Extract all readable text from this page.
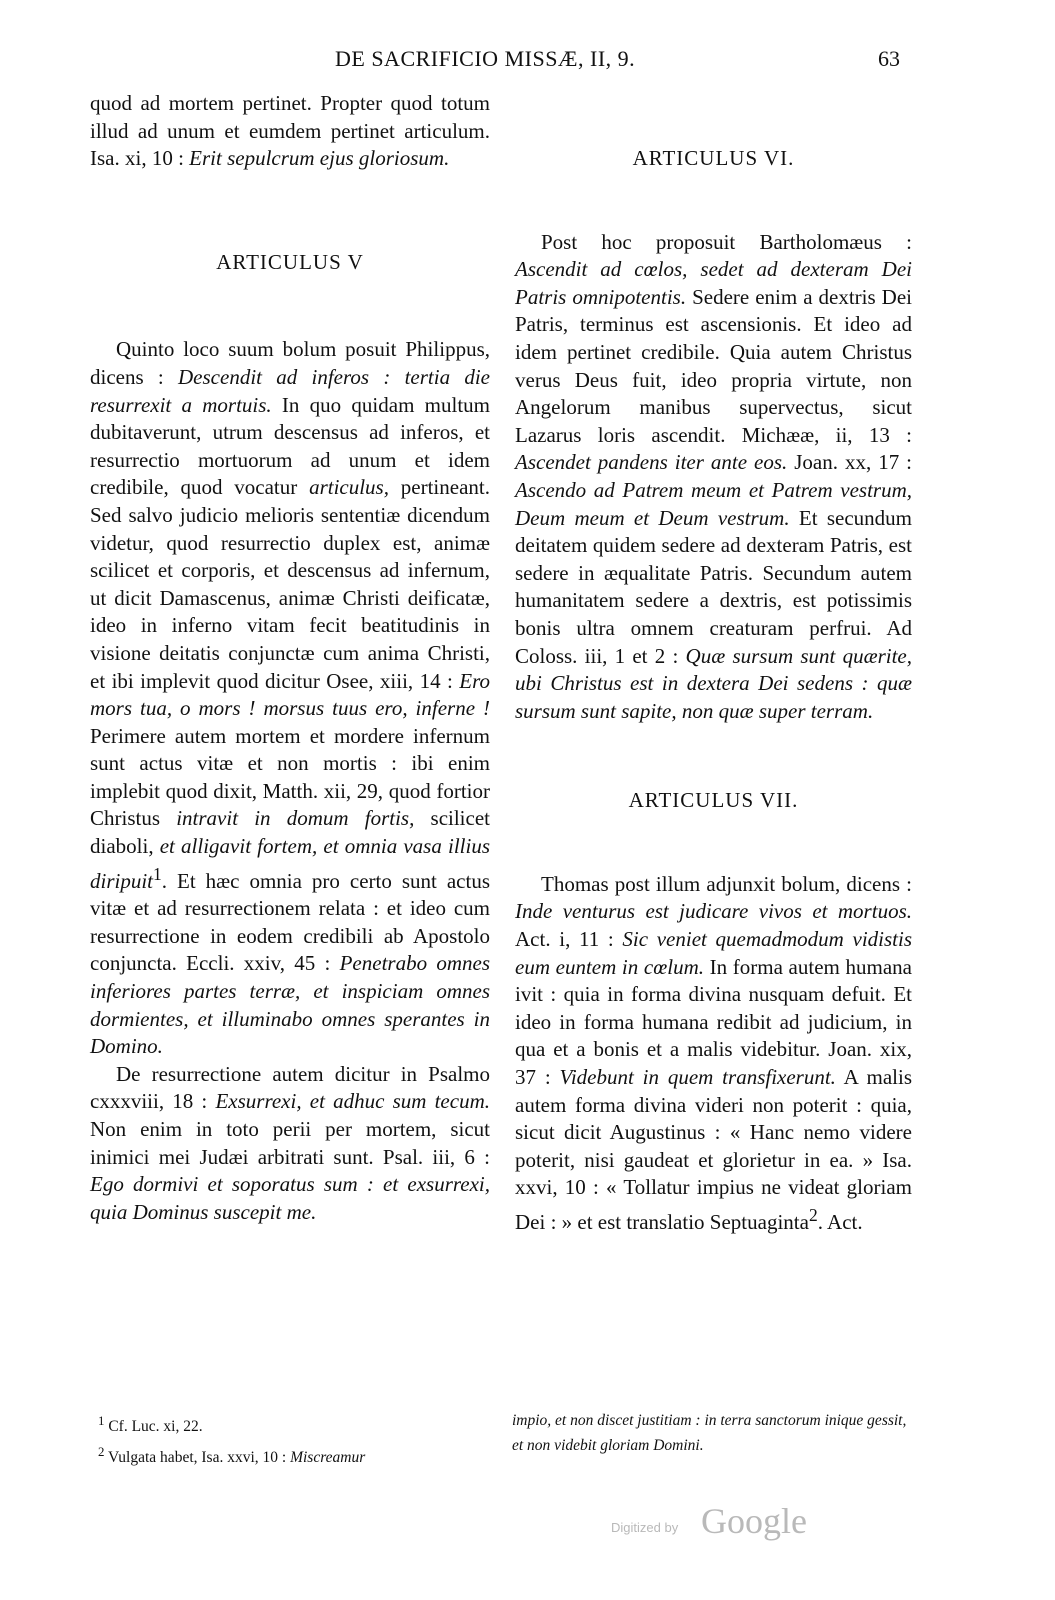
DE SACRIFICIO MISSÆ, II, 9.	63

quod ad mortem pertinet. Propter quod totum illud ad unum et eumdem pertinet articulum. Isa. xi, 10 : Erit sepulcrum ejus gloriosum.

ARTICULUS V

Quinto loco suum bolum posuit Philippus, dicens : Descendit ad inferos : tertia die resurrexit a mortuis. In quo quidam multum dubitaverunt, utrum descensus ad inferos, et resurrectio mortuorum ad unum et idem credibile, quod vocatur articulus, pertineant. Sed salvo judicio melioris sententiæ dicendum videtur, quod resurrectio duplex est, animæ scilicet et corporis, et descensus ad infernum, ut dicit Damascenus, animæ Christi deificatæ, ideo in inferno vitam fecit beatitudinis in visione deitatis conjunctæ cum anima Christi, et ibi implevit quod dicitur Osee, xiii, 14 : Ero mors tua, o mors ! morsus tuus ero, inferne ! Perimere autem mortem et mordere infernum sunt actus vitæ et non mortis : ibi enim implebit quod dixit, Matth. xii, 29, quod fortior Christus intravit in domum fortis, scilicet diaboli, et alligavit fortem, et omnia vasa illius diripuit$^1$. Et hæc omnia pro certo sunt actus vitæ et ad resurrectionem relata : et ideo cum resurrectione in eodem credibili ab Apostolo conjuncta. Eccli. xxiv, 45 : Penetrabo omnes inferiores partes terræ, et inspiciam omnes dormientes, et illuminabo omnes sperantes in Domino.

De resurrectione autem dicitur in Psalmo cxxxviii, 18 : Exsurrexi, et adhuc sum tecum. Non enim in toto perii per mortem, sicut inimici mei Judæi arbitrati sunt. Psal. iii, 6 : Ego dormivi et soporatus sum : et exsurrexi, quia Dominus suscepit me.

ARTICULUS VI.

Post hoc proposuit Bartholomæus : Ascendit ad cœlos, sedet ad dexteram Dei Patris omnipotentis. Sedere enim a dextris Dei Patris, terminus est ascensionis. Et ideo ad idem pertinet credibile. Quia autem Christus verus Deus fuit, ideo propria virtute, non Angelorum manibus supervectus, sicut Lazarus loris ascendit. Michææ, ii, 13 : Ascendet pandens iter ante eos. Joan. xx, 17 : Ascendo ad Patrem meum et Patrem vestrum, Deum meum et Deum vestrum. Et secundum deitatem quidem sedere ad dexteram Patris, est sedere in æqualitate Patris. Secundum autem humanitatem sedere a dextris, est potissimis bonis ultra omnem creaturam perfrui. Ad Coloss. iii, 1 et 2 : Quæ sursum sunt quærite, ubi Christus est in dextera Dei sedens : quæ sursum sunt sapite, non quæ super terram.

ARTICULUS VII.

Thomas post illum adjunxit bolum, dicens : Inde venturus est judicare vivos et mortuos. Act. i, 11 : Sic veniet quemadmodum vidistis eum euntem in cœlum. In forma autem humana ivit : quia in forma divina nusquam defuit. Et ideo in forma humana redibit ad judicium, in qua et a bonis et a malis videbitur. Joan. xix, 37 : Videbunt in quem transfixerunt. A malis autem forma divina videri non poterit : quia, sicut dicit Augustinus : « Hanc nemo videre poterit, nisi gaudeat et glorietur in ea. » Isa. xxvi, 10 : « Tollatur impius ne videat gloriam Dei : » et est translatio Septuaginta$^2$. Act.

$^1$ Cf. Luc. xi, 22.
$^2$ Vulgata habet, Isa. xxvi, 10 : Miscreamur
impio, et non discet justitiam : in terra sanctorum inique gessit, et non videbit gloriam Domini.
Digitized by Google
